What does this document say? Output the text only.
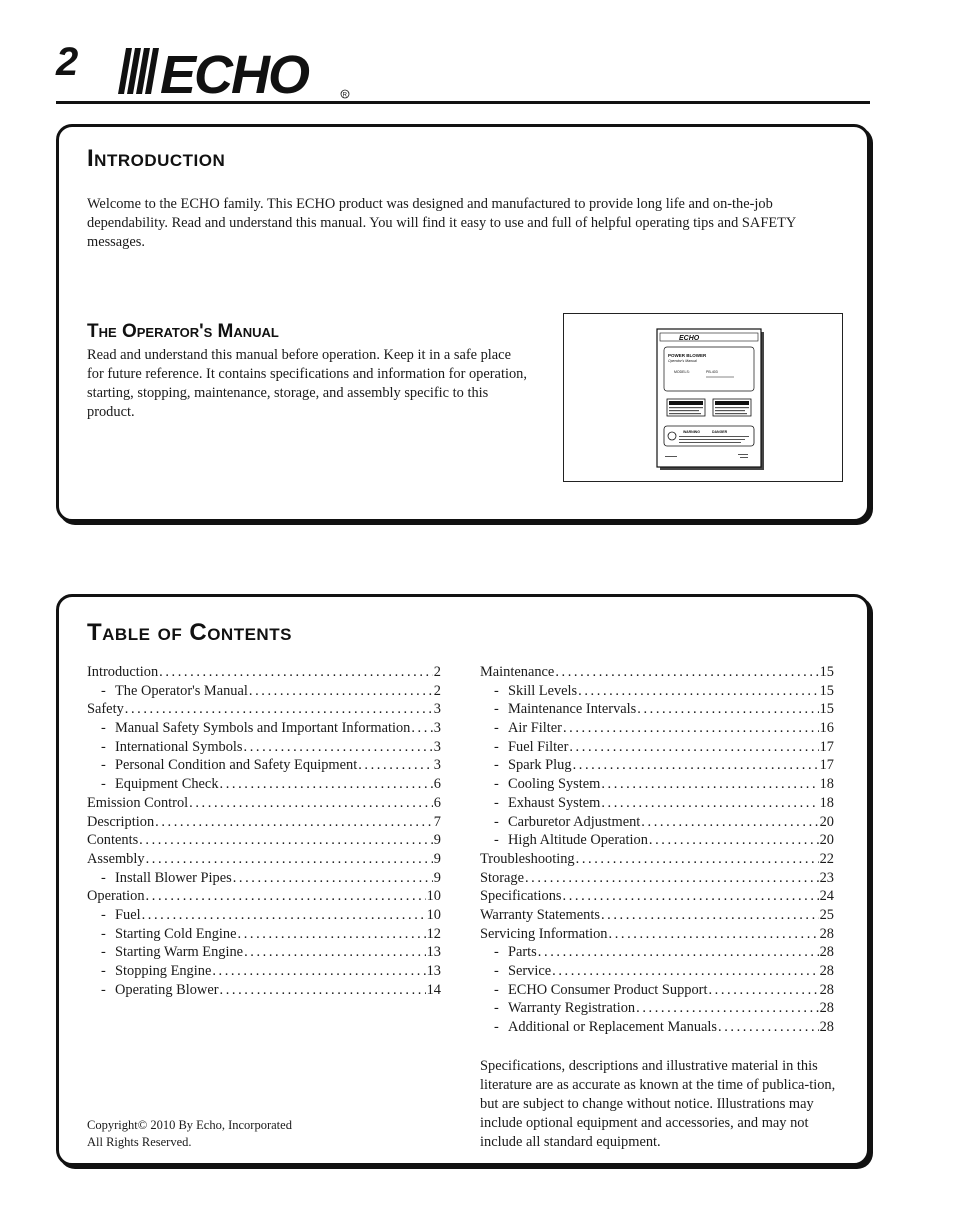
2 ECHO	R
Introduction
Welcome to the ECHO family. This ECHO product was designed and manufactured to provide long life and on-the-job dependability. Read and understand this manual. You will find it easy to use and full of helpful operating tips and SAFETY messages.
The Operator's Manual
Read and understand this manual before operation. Keep it in a safe place for future reference. It contains specifications and information for operation, starting, stopping, maintenance, storage, and assembly specific to this product.
ECHO
POWER BLOWER
Operator's Manual
MODELS:	PB-403
WARNING	DANGER
Table of Contents
Introduction . . .	2
- The Operator's Manual . . .	2
Safety . . .	3
- Manual Safety Symbols and Important Information . . . 3
- International Symbols . . .	3
- Personal Condition and Safety Equipment . . .	3
- Equipment Check . . .	6
Emission Control . . .	6
Description . . .	7
Contents . . .	9
Assembly . . .	9
- Install Blower Pipes . . .	9
Operation . . .	10
- Fuel . . .	10
- Starting Cold Engine . . .	12
- Starting Warm Engine . . .	13
- Stopping Engine . . .	13
- Operating Blower . . .	14
Maintenance . . .	15
- Skill Levels . . .	15
- Maintenance Intervals . . .	15
- Air Filter . . .	16
- Fuel Filter . . .	17
- Spark Plug . . .	17
- Cooling System . . .	18
- Exhaust System . . .	18
- Carburetor Adjustment . . .	20
- High Altitude Operation . . .	20
Troubleshooting . . .	22
Storage . . .	23
Specifications . . .	24
Warranty Statements . . .	25
Servicing Information . . .	28
- Parts . . .	28
- Service . . .	28
- ECHO Consumer Product Support . . .	28
- Warranty Registration . . .	28
- Additional or Replacement Manuals . . .	28
Copyright© 2010 By Echo, Incorporated
All Rights Reserved.
Specifications, descriptions and illustrative material in this literature are as accurate as known at the time of publica-tion, but are subject to change without notice. Illustrations may include optional equipment and accessories, and may not include all standard equipment.
